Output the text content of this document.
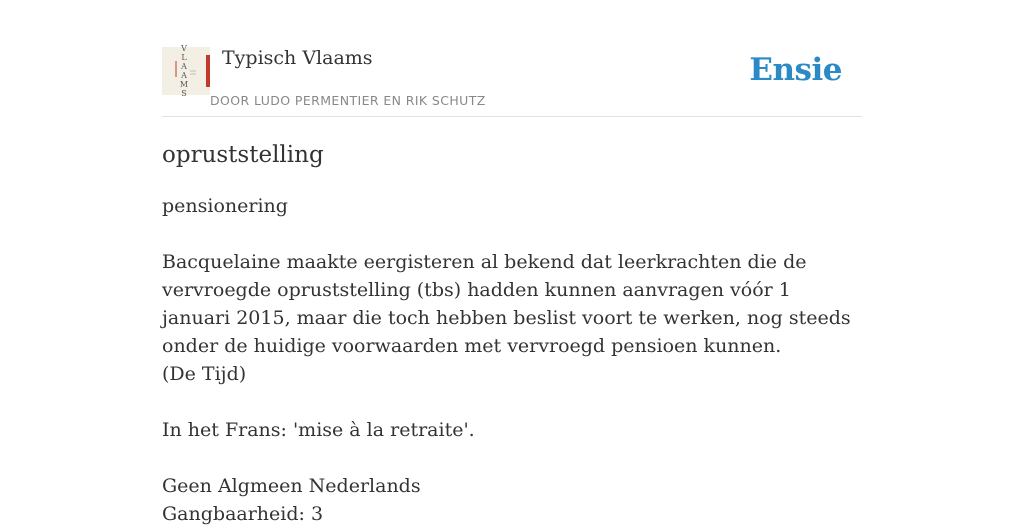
V
L
A
A
M
S
Typisch Vlaams
DOOR LUDO PERMENTIER EN RIK SCHUTZ
Ensie
opruststelling

pensionering

Bacquelaine maakte eergisteren al bekend dat leerkrachten die de vervroegde opruststelling (tbs) hadden kunnen aanvragen vóór 1 januari 2015, maar die toch hebben beslist voort te werken, nog steeds onder de huidige voorwaarden met vervroegd pensioen kunnen.

(De Tijd)

In het Frans: 'mise à la retraite'.

Geen Algmeen Nederlands

Gangbaarheid: 3
